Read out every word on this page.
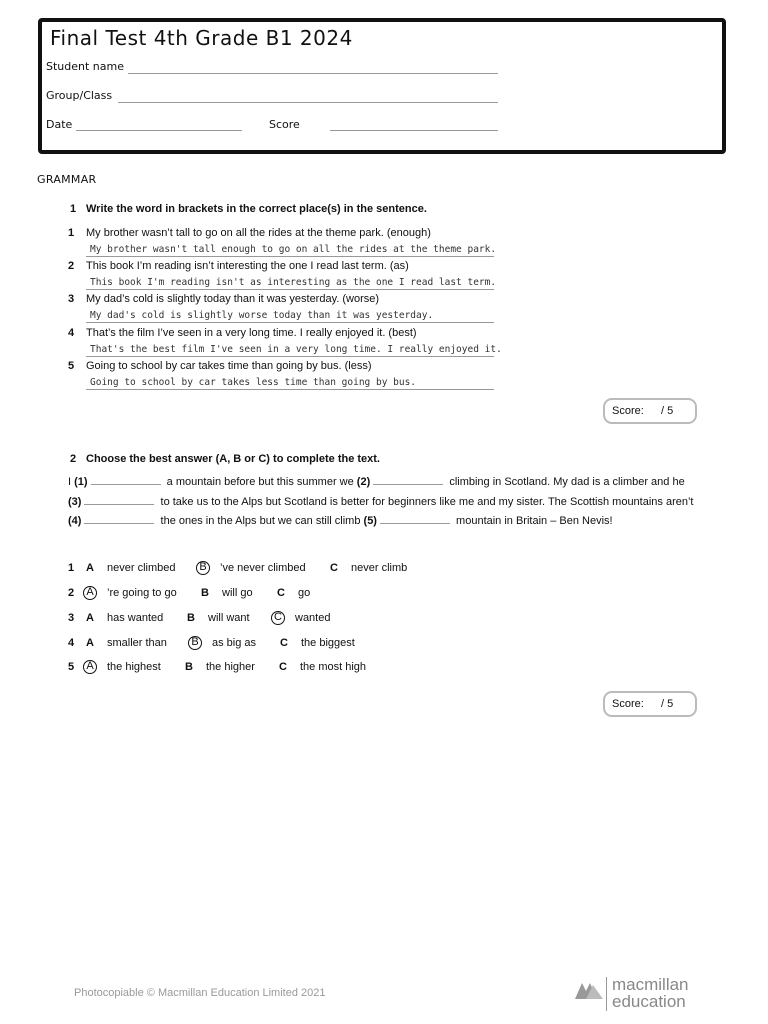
Final Test 4th Grade B1 2024
Student name
Group/Class
Date	Score
GRAMMAR
1 Write the word in brackets in the correct place(s) in the sentence.
1 My brother wasn’t tall to go on all the rides at the theme park. (enough)
My brother wasn't tall enough to go on all the rides at the theme park.
2 This book I’m reading isn’t interesting the one I read last term. (as)
This book I'm reading isn't as interesting as the one I read last term.
3 My dad’s cold is slightly today than it was yesterday. (worse)
My dad's cold is slightly worse today than it was yesterday.
4 That’s the film I’ve seen in a very long time. I really enjoyed it. (best)
That's the best film I've seen in a very long time. I really enjoyed it.
5 Going to school by car takes time than going by bus. (less)
Going to school by car takes less time than going by bus.
Score: / 5
2 Choose the best answer (A, B or C) to complete the text.
I (1)	a mountain before but this summer we (2)	climbing in Scotland. My dad is a climber and he (3)	to take us to the Alps but Scotland is better for beginners like me and my sister. The Scottish mountains aren’t (4)	the ones in the Alps but we can still climb (5)	mountain in Britain – Ben Nevis!
1 A never climbed	B	’ve never climbed C never climb
2	A	’re going to go B will go C go
3 A has wanted B will want C wanted
4 A smaller than	B	as big as C the biggest
5	A	the highest B the higher C the most high
Score: / 5
Photocopiable © Macmillan Education Limited 2021	macmillan
education
